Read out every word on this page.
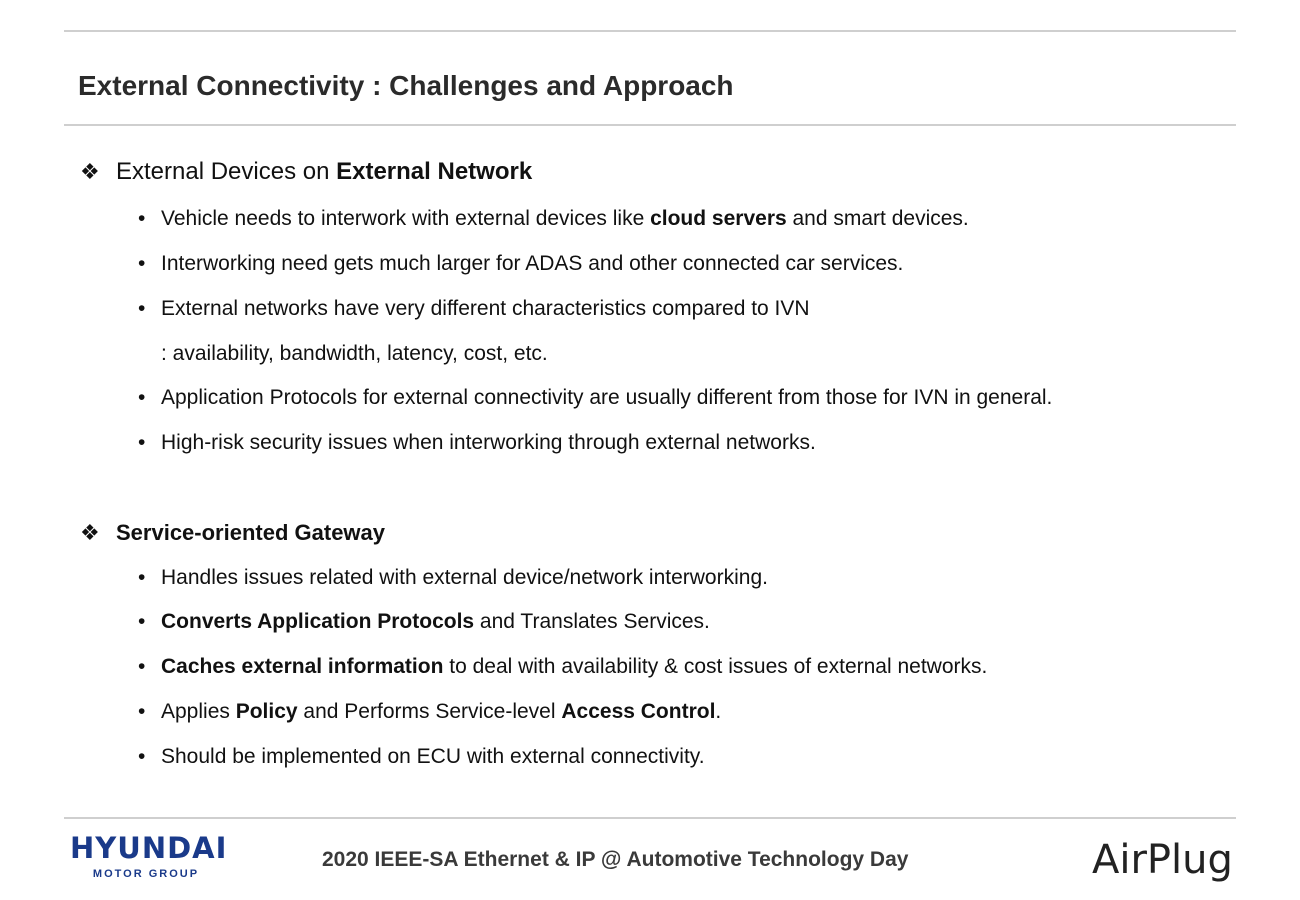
External Connectivity : Challenges and Approach
❖ External Devices on External Network
• Vehicle needs to interwork with external devices like cloud servers and smart devices.
• Interworking need gets much larger for ADAS and other connected car services.
• External networks have very different characteristics compared to IVN
: availability, bandwidth, latency, cost, etc.
• Application Protocols for external connectivity are usually different from those for IVN in general.
• High-risk security issues when interworking through external networks.
❖ Service-oriented Gateway
• Handles issues related with external device/network interworking.
• Converts Application Protocols and Translates Services.
• Caches external information to deal with availability & cost issues of external networks.
• Applies Policy and Performs Service-level Access Control.
• Should be implemented on ECU with external connectivity.
HYUNDAI
MOTOR GROUP
2020 IEEE-SA Ethernet & IP @ Automotive Technology Day	AirPlug
